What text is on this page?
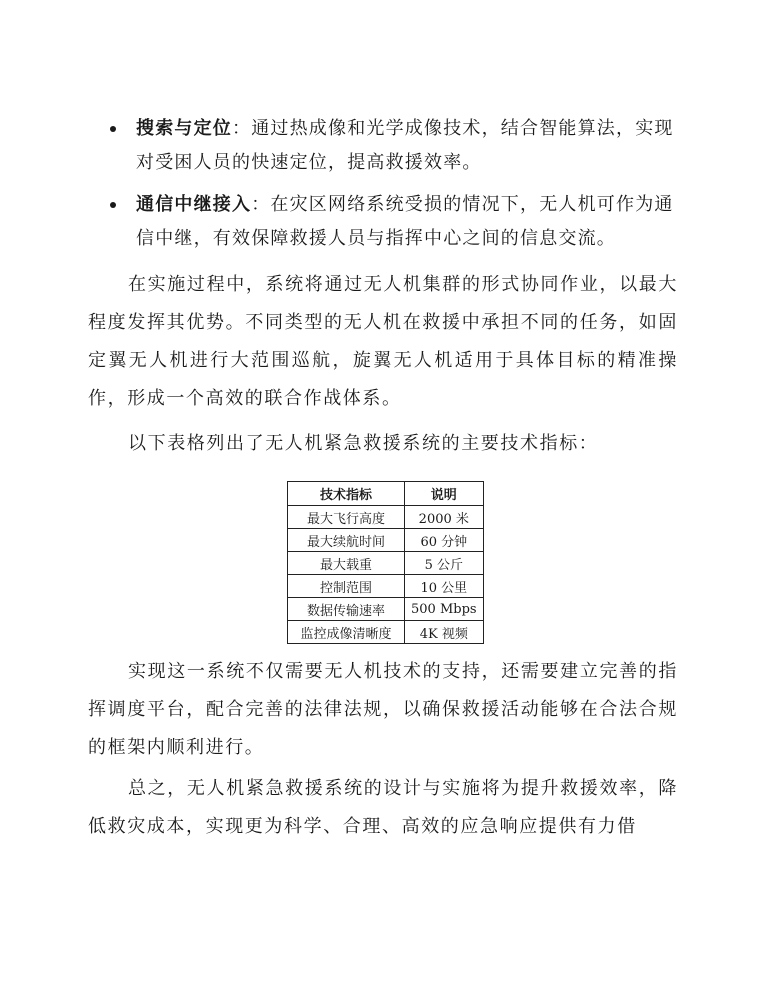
搜索与定位：通过热成像和光学成像技术，结合智能算法，实现对受困人员的快速定位，提高救援效率。
通信中继接入：在灾区网络系统受损的情况下，无人机可作为通信中继，有效保障救援人员与指挥中心之间的信息交流。

在实施过程中，系统将通过无人机集群的形式协同作业，以最大程度发挥其优势。不同类型的无人机在救援中承担不同的任务，如固定翼无人机进行大范围巡航，旋翼无人机适用于具体目标的精准操作，形成一个高效的联合作战体系。

以下表格列出了无人机紧急救援系统的主要技术指标：

技术指标	说明
最大飞行高度	2000 米
最大续航时间	60 分钟
最大载重	5 公斤
控制范围	10 公里
数据传输速率	500 Mbps
监控成像清晰度	4K 视频

实现这一系统不仅需要无人机技术的支持，还需要建立完善的指挥调度平台，配合完善的法律法规，以确保救援活动能够在合法合规的框架内顺利进行。

总之，无人机紧急救援系统的设计与实施将为提升救援效率，降低救灾成本，实现更为科学、合理、高效的应急响应提供有力借
